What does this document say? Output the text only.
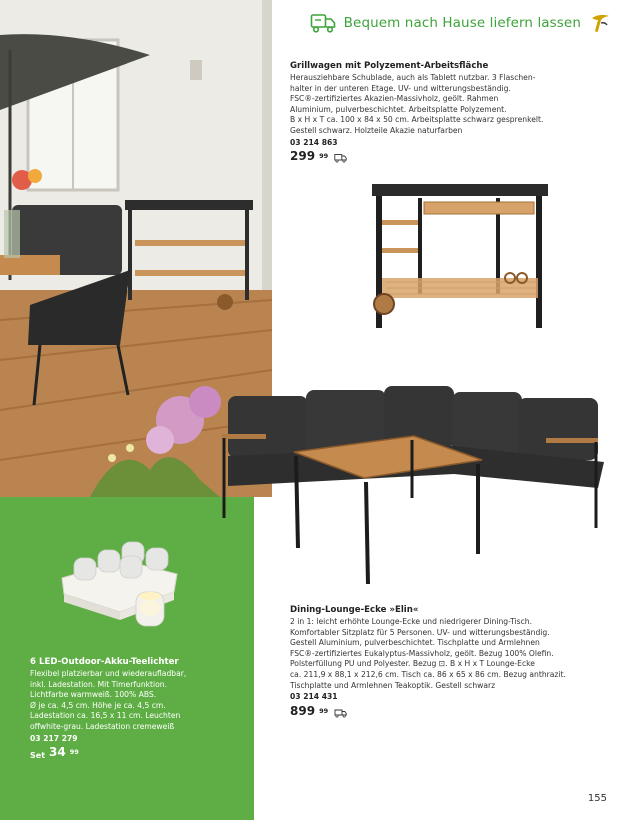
Bequem nach Hause liefern lassen
Grillwagen mit Polyzement-Arbeitsfläche
Herausziehbare Schublade, auch als Tablett nutzbar. 3 Flaschen-
halter in der unteren Etage. UV- und witterungsbeständig.
FSC®-zertifiziertes Akazien-Massivholz, geölt. Rahmen
Aluminium, pulverbeschichtet. Arbeitsplatte Polyzement.
B x H x T ca. 100 x 84 x 50 cm. Arbeitsplatte schwarz gesprenkelt.
Gestell schwarz. Holzteile Akazie naturfarben
03 214 863
299 $^{99}$
Dining-Lounge-Ecke »Elin«
2 in 1: leicht erhöhte Lounge-Ecke und niedrigerer Dining-Tisch.
Komfortabler Sitzplatz für 5 Personen. UV- und witterungsbeständig.
Gestell Aluminium, pulverbeschichtet. Tischplatte und Armlehnen
FSC®-zertifiziertes Eukalyptus-Massivholz, geölt. Bezug 100% Olefin.
Polsterfüllung PU und Polyester. Bezug ⊡. B x H x T Lounge-Ecke
ca. 211,9 x 88,1 x 212,6 cm. Tisch ca. 86 x 65 x 86 cm. Bezug anthrazit.
Tischplatte und Armlehnen Teakoptik. Gestell schwarz
03 214 431
899 $^{99}$
6 LED-Outdoor-Akku-Teelichter
Flexibel platzierbar und wiederaufladbar,
inkl. Ladestation. Mit Timerfunktion.
Lichtfarbe warmweiß. 100% ABS.
Ø je ca. 4,5 cm. Höhe je ca. 4,5 cm.
Ladestation ca. 16,5 x 11 cm. Leuchten
offwhite-grau. Ladestation cremeweiß
03 217 279
Set 34 $^{99}$
155
